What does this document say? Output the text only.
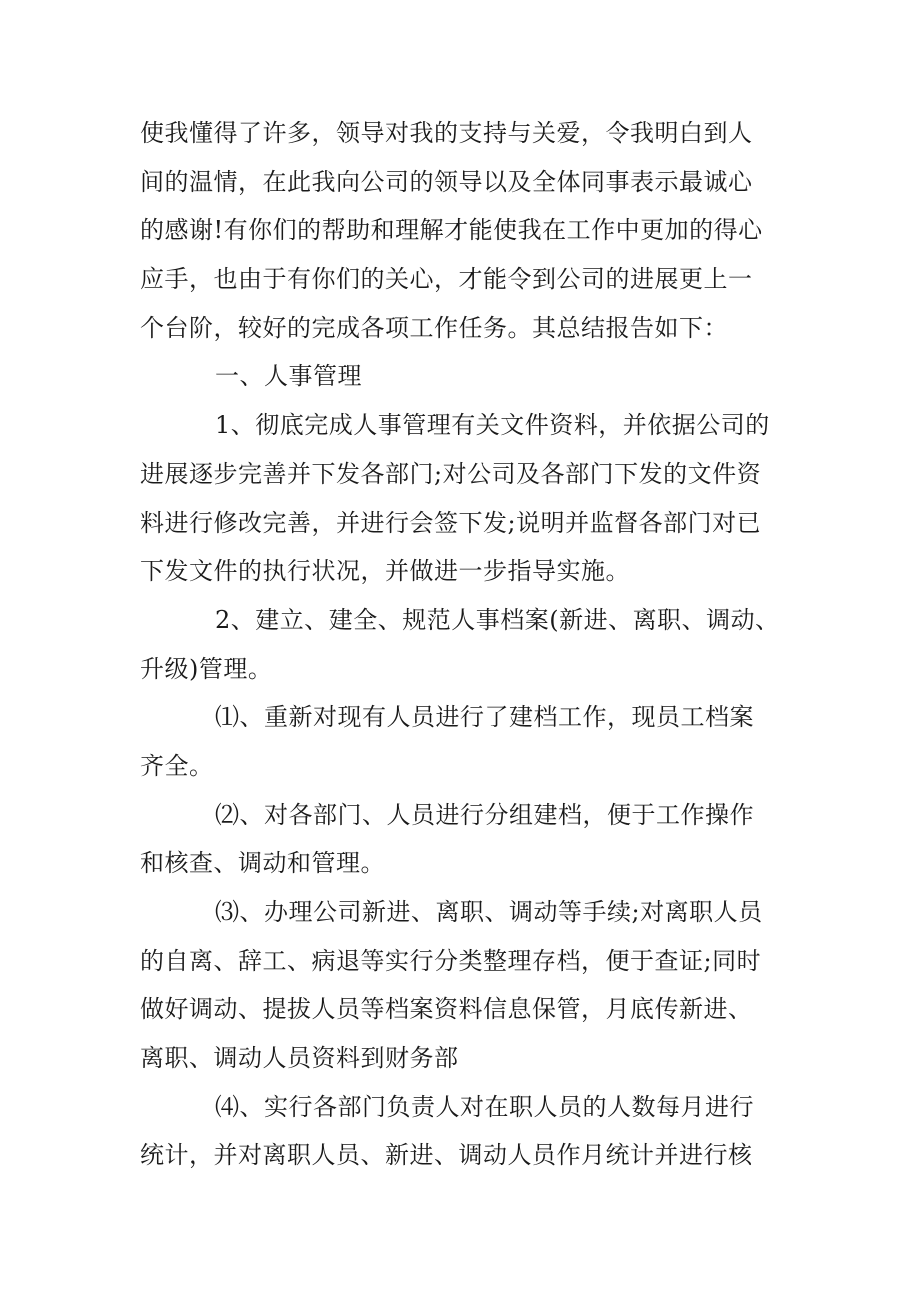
使我懂得了许多，领导对我的支持与关爱，令我明白到人
间的温情，在此我向公司的领导以及全体同事表示最诚心
的感谢!有你们的帮助和理解才能使我在工作中更加的得心
应手，也由于有你们的关心，才能令到公司的进展更上一
个台阶，较好的完成各项工作任务。其总结报告如下：
一、人事管理
1、彻底完成人事管理有关文件资料，并依据公司的
进展逐步完善并下发各部门;对公司及各部门下发的文件资
料进行修改完善，并进行会签下发;说明并监督各部门对已
下发文件的执行状况，并做进一步指导实施。
2、建立、建全、规范人事档案(新进、离职、调动、
升级)管理。
⑴、重新对现有人员进行了建档工作，现员工档案
齐全。
⑵、对各部门、人员进行分组建档，便于工作操作
和核查、调动和管理。
⑶、办理公司新进、离职、调动等手续;对离职人员
的自离、辞工、病退等实行分类整理存档，便于查证;同时
做好调动、提拔人员等档案资料信息保管，月底传新进、
离职、调动人员资料到财务部
⑷、实行各部门负责人对在职人员的人数每月进行
统计，并对离职人员、新进、调动人员作月统计并进行核
